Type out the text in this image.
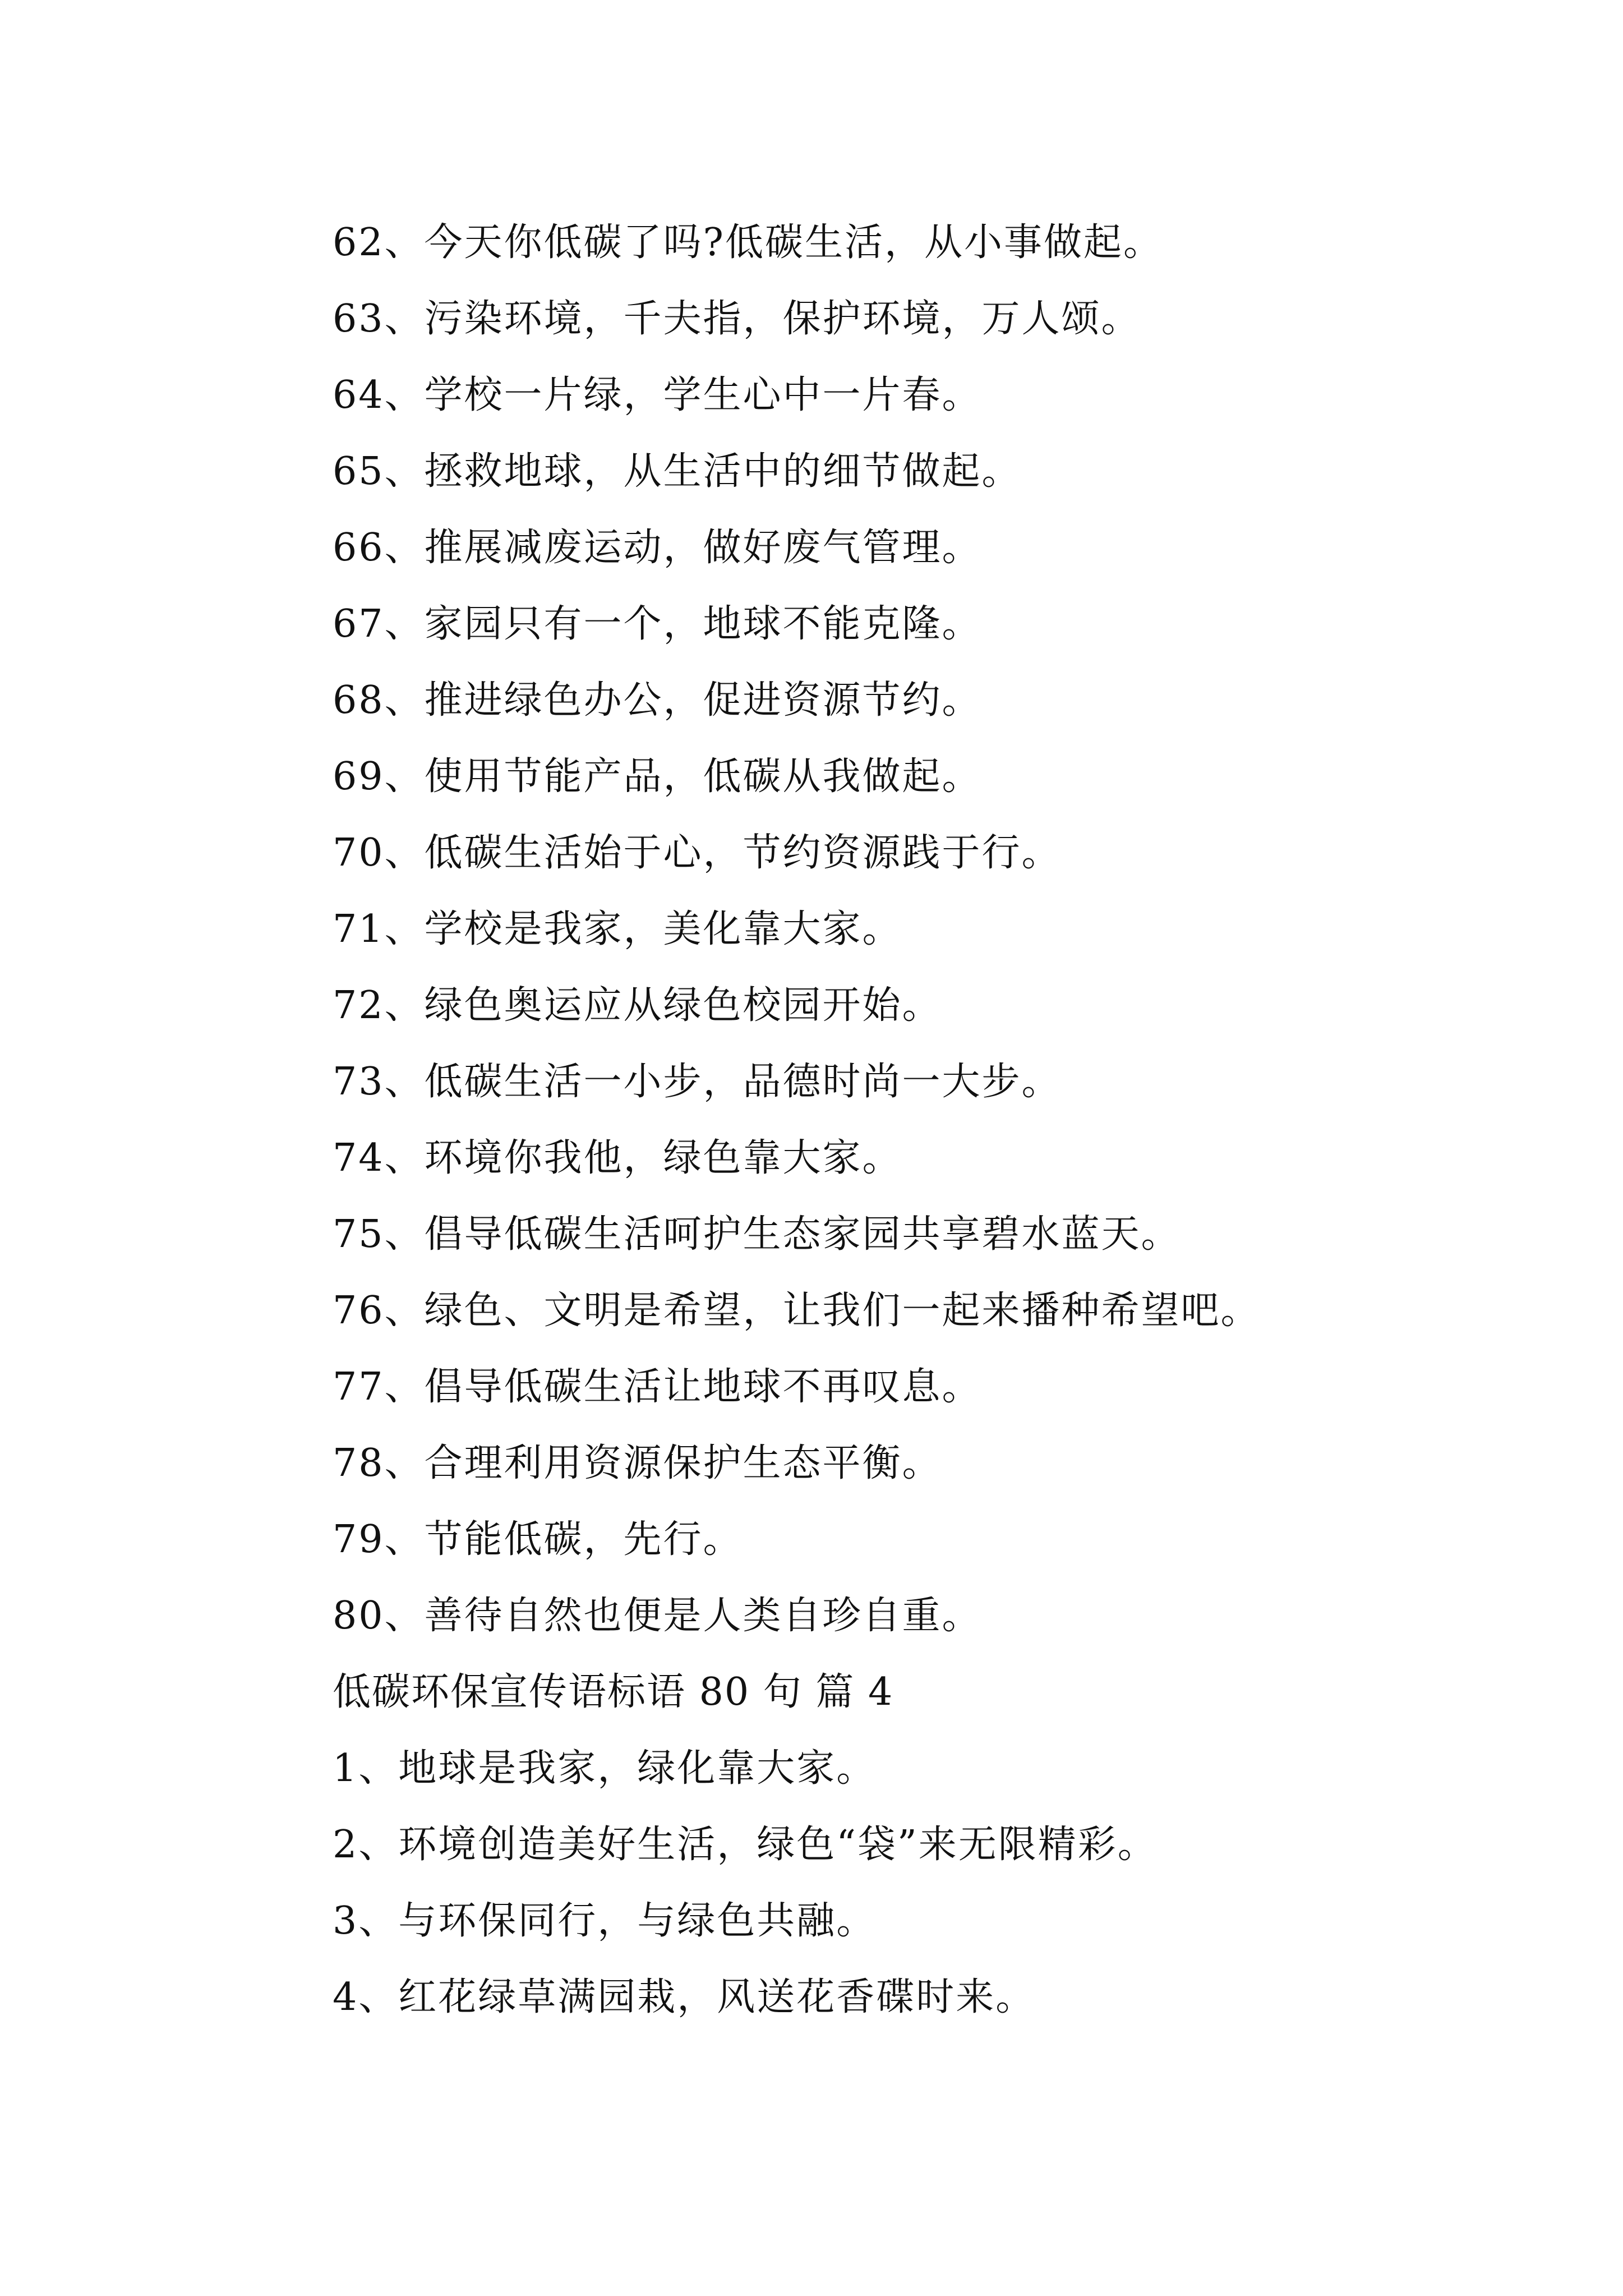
62、今天你低碳了吗?低碳生活，从小事做起。
63、污染环境，千夫指，保护环境，万人颂。
64、学校一片绿，学生心中一片春。
65、拯救地球，从生活中的细节做起。
66、推展减废运动，做好废气管理。
67、家园只有一个，地球不能克隆。
68、推进绿色办公，促进资源节约。
69、使用节能产品，低碳从我做起。
70、低碳生活始于心，节约资源践于行。
71、学校是我家，美化靠大家。
72、绿色奥运应从绿色校园开始。
73、低碳生活一小步，品德时尚一大步。
74、环境你我他，绿色靠大家。
75、倡导低碳生活呵护生态家园共享碧水蓝天。
76、绿色、文明是希望，让我们一起来播种希望吧。
77、倡导低碳生活让地球不再叹息。
78、合理利用资源保护生态平衡。
79、节能低碳，先行。
80、善待自然也便是人类自珍自重。
低碳环保宣传语标语 80 句 篇 4
1、地球是我家，绿化靠大家。
2、环境创造美好生活，绿色“袋”来无限精彩。
3、与环保同行，与绿色共融。
4、红花绿草满园栽，风送花香碟时来。
